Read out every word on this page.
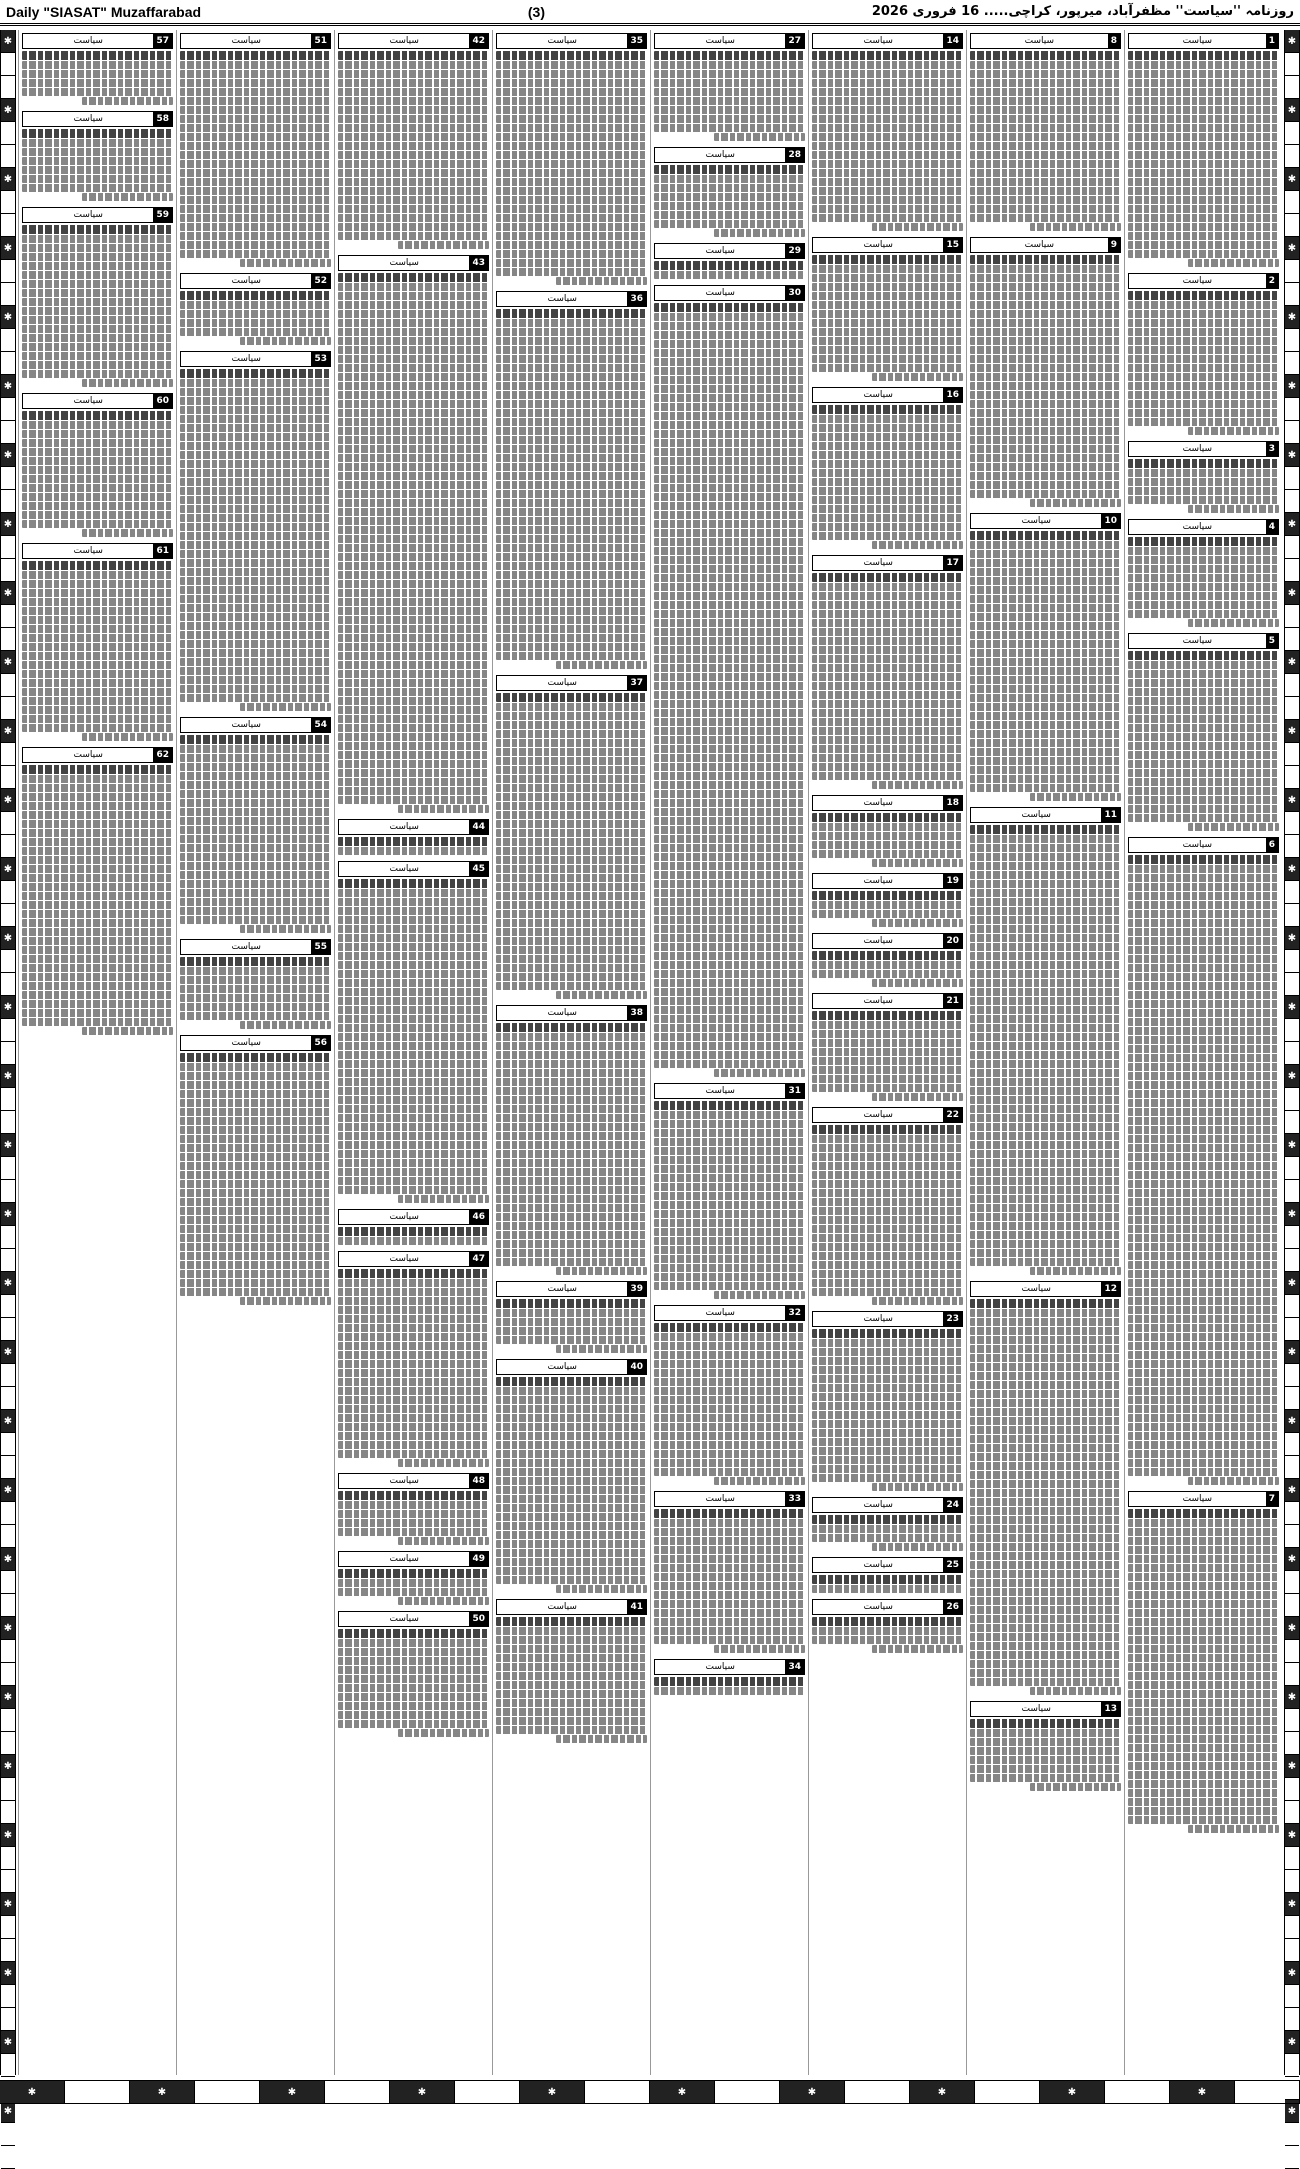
Daily "SIASAT" Muzaffarabad	(3)	روزنامہ ''سیاست'' مظفرآباد، میرپور، کراچی..... 16 فروری 2026
✱
✱
✱
✱
✱
✱
✱
✱
✱
✱
✱
✱
✱
✱
✱
✱
✱
✱
✱
✱
✱
✱
✱
✱
✱
✱
✱
✱
✱
✱
✱
✱
✱
✱
✱
✱
✱
✱
✱
✱
✱
✱
✱
✱
✱
✱
✱
✱
✱
✱
✱
✱
✱
✱
✱
✱
✱
✱
✱
✱
✱
✱
سیاست	57
سیاست	58
سیاست	59
سیاست	60
سیاست	61
سیاست	62
سیاست	51
سیاست	52
سیاست	53
سیاست	54
سیاست	55
سیاست	56
سیاست	42
سیاست	43
سیاست	44
سیاست	45
سیاست	46
سیاست	47
سیاست	48
سیاست	49
سیاست	50
سیاست	35
سیاست	36
سیاست	37
سیاست	38
سیاست	39
سیاست	40
سیاست	41
سیاست	27
سیاست	28
سیاست	29
سیاست	30
سیاست	31
سیاست	32
سیاست	33
سیاست	34
سیاست	14
سیاست	15
سیاست	16
سیاست	17
سیاست	18
سیاست	19
سیاست	20
سیاست	21
سیاست	22
سیاست	23
سیاست	24
سیاست	25
سیاست	26
سیاست	8
سیاست	9
سیاست	10
سیاست	11
سیاست	12
سیاست	13
سیاست	1
سیاست	2
سیاست	3
سیاست	4
سیاست	5
سیاست	6
سیاست	7
✱	✱	✱	✱	✱	✱	✱	✱	✱	✱
